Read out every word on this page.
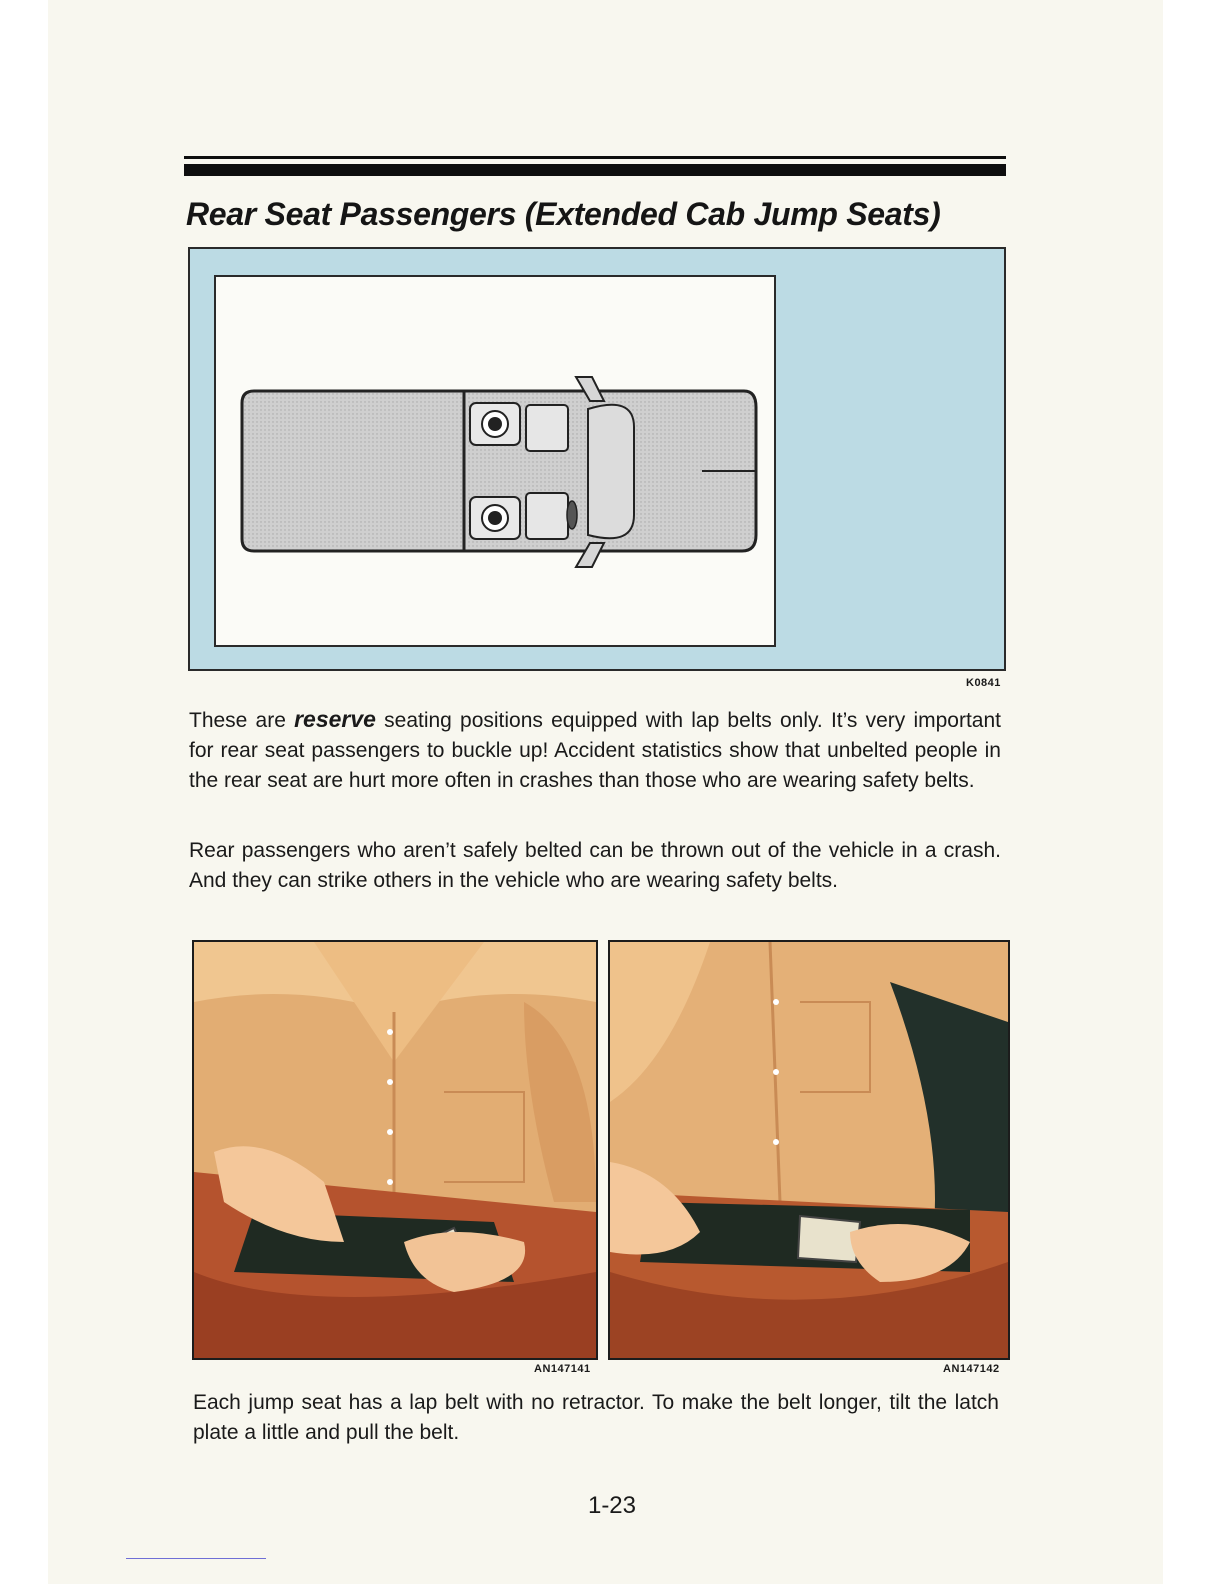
Rear Seat Passengers (Extended Cab Jump Seats)
K0841

These are reserve seating positions equipped with lap belts only. It’s very important for rear seat passengers to buckle up! Accident statistics show that unbelted people in the rear seat are hurt more often in crashes than those who are wearing safety belts.

Rear passengers who aren’t safely belted can be thrown out of the vehicle in a crash. And they can strike others in the vehicle who are wearing safety belts.

AN147141	AN147142

Each jump seat has a lap belt with no retractor. To make the belt longer, tilt the latch plate a little and pull the belt.

1-23
